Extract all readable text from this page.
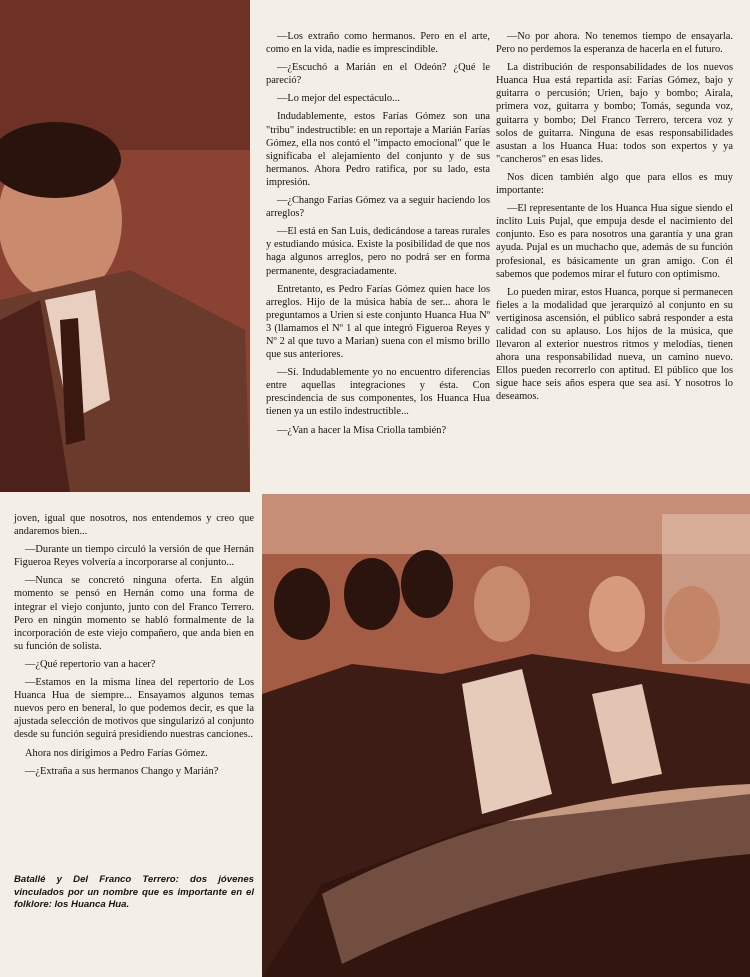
—Los extraño como hermanos. Pero en el arte, como en la vida, nadie es imprescindible.

—¿Escuchó a Marián en el Odeón? ¿Qué le pareció?

—Lo mejor del espectáculo...

Indudablemente, estos Farías Gómez son una "tribu" indestructible: en un reportaje a Marián Farías Gómez, ella nos contó el "impacto emocional" que le significaba el alejamiento del conjunto y de sus hermanos. Ahora Pedro ratifica, por su lado, esta impresión.

—¿Chango Farías Gómez va a seguir haciendo los arreglos?

—El está en San Luis, dedicándose a tareas rurales y estudiando música. Existe la posibilidad de que nos haga algunos arreglos, pero no podrá ser en forma permanente, desgraciadamente.

Entretanto, es Pedro Farías Gómez quien hace los arreglos. Hijo de la música había de ser... ahora le preguntamos a Urien si este conjunto Huanca Hua Nº 3 (llamamos el Nº 1 al que integró Figueroa Reyes y Nº 2 al que tuvo a Marian) suena con el mismo brillo que sus anteriores.

—Sí. Indudablemente yo no encuentro diferencias entre aquellas integraciones y ésta. Con prescindencia de sus componentes, los Huanca Hua tienen ya un estilo indestructible...

—¿Van a hacer la Misa Criolla también?

—No por ahora. No tenemos tiempo de ensayarla. Pero no perdemos la esperanza de hacerla en el futuro.

La distribución de responsabilidades de los nuevos Huanca Hua está repartida así: Farías Gómez, bajo y guitarra o percusión; Urien, bajo y bombo; Airala, primera voz, guitarra y bombo; Tomás, segunda voz, guitarra y bombo; Del Franco Terrero, tercera voz y solos de guitarra. Ninguna de esas responsabilidades asustan a los Huanca Hua: todos son expertos y ya "cancheros" en esas lides.

Nos dicen también algo que para ellos es muy importante:

—El representante de los Huanca Hua sigue siendo el ínclito Luis Pujal, que empuja desde el nacimiento del conjunto. Eso es para nosotros una garantía y una gran ayuda. Pujal es un muchacho que, además de su función profesional, es básicamente un gran amigo. Con él sabemos que podemos mirar el futuro con optimismo.

Lo pueden mirar, estos Huanca, porque si permanecen fieles a la modalidad que jerarquizó al conjunto en su vertiginosa ascensión, el público sabrá responder a esta calidad con su aplauso. Los hijos de la música, que llevaron al exterior nuestros ritmos y melodías, tienen ahora una responsabilidad nueva, un camino nuevo. Ellos pueden recorrerlo con aptitud. El público que los sigue hace seis años espera que sea así. Y nosotros lo deseamos.

joven, igual que nosotros, nos entendemos y creo que andaremos bien...

—Durante un tiempo circuló la versión de que Hernán Figueroa Reyes volvería a incorporarse al conjunto...

—Nunca se concretó ninguna oferta. En algún momento se pensó en Hernán como una forma de integrar el viejo conjunto, junto con del Franco Terrero. Pero en ningún momento se habló formalmente de la incorporación de este viejo compañero, que anda bien en su función de solista.

—¿Qué repertorio van a hacer?

—Estamos en la misma línea del repertorio de Los Huanca Hua de siempre... Ensayamos algunos temas nuevos pero en beneral, lo que podemos decir, es que la ajustada selección de motivos que singularizó al conjunto desde su función seguirá presidiendo nuestras canciones..

Ahora nos dirigimos a Pedro Farías Gómez.

—¿Extraña a sus hermanos Chango y Marián?

Batallé y Del Franco Terrero: dos jóvenes vinculados por un nombre que es importante en el folklore: los Huanca Hua.
